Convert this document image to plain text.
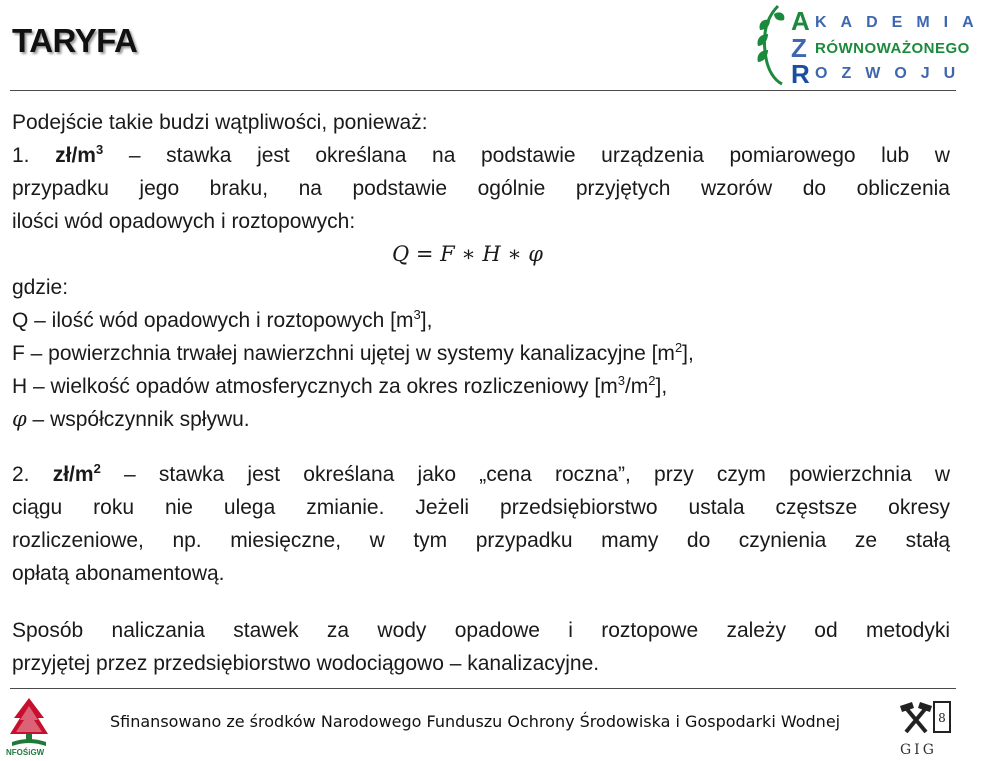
TARYFA
A KADEMIA
Z RÓWNOWAŻONEGO
R OZWOJU
Podejście takie budzi wątpliwości, ponieważ:
1. $zł/m^3$ – stawka jest określana na podstawie urządzenia pomiarowego lub w
przypadku jego braku, na podstawie ogólnie przyjętych wzorów do obliczenia
ilości wód opadowych i roztopowych:
Q = F ∗ H ∗ φ
gdzie:
Q – ilość wód opadowych i roztopowych $[m^3]$,
F – powierzchnia trwałej nawierzchni ujętej w systemy kanalizacyjne $[m^2]$,
H – wielkość opadów atmosferycznych za okres rozliczeniowy $[m^3/m^2]$,
φ – współczynnik spływu.
2. $zł/m^2$ – stawka jest określana jako „cena roczna”, przy czym powierzchnia w
ciągu roku nie ulega zmianie. Jeżeli przedsiębiorstwo ustala częstsze okresy
rozliczeniowe, np. miesięczne, w tym przypadku mamy do czynienia ze stałą
opłatą abonamentową.
Sposób naliczania stawek za wody opadowe i roztopowe zależy od metodyki
przyjętej przez przedsiębiorstwo wodociągowo – kanalizacyjne.
NFOŚiGW
Sfinansowano ze środków Narodowego Funduszu Ochrony Środowiska i Gospodarki Wodnej	8
GIG
